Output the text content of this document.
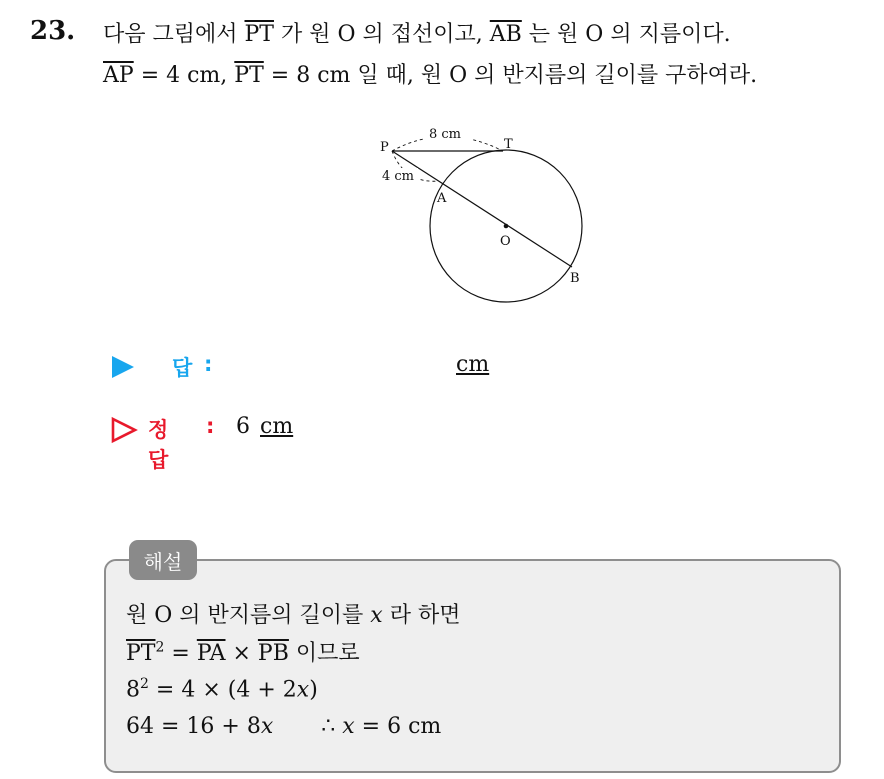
23. 다음 그림에서 $\overline{PT}$ 가 원 O 의 접선이고, $\overline{AB}$ 는 원 O 의 지름이다.
$\overline{AP} = 4$ cm, $\overline{PT} = 8$ cm 일 때, 원 O 의 반지름의 길이를 구하여라.
P	T
A
O
B
8 cm
4 cm
답 :	cm
정답
: 6 cm
해설
원 O 의 반지름의 길이를 x 라 하면
$\overline{PT}^2 = \overline{PA} \times \overline{PB}$ 이므로
$8^2 = 4 \times (4 + 2x)$
64 = 16 + 8x ∴ x = 6 cm
